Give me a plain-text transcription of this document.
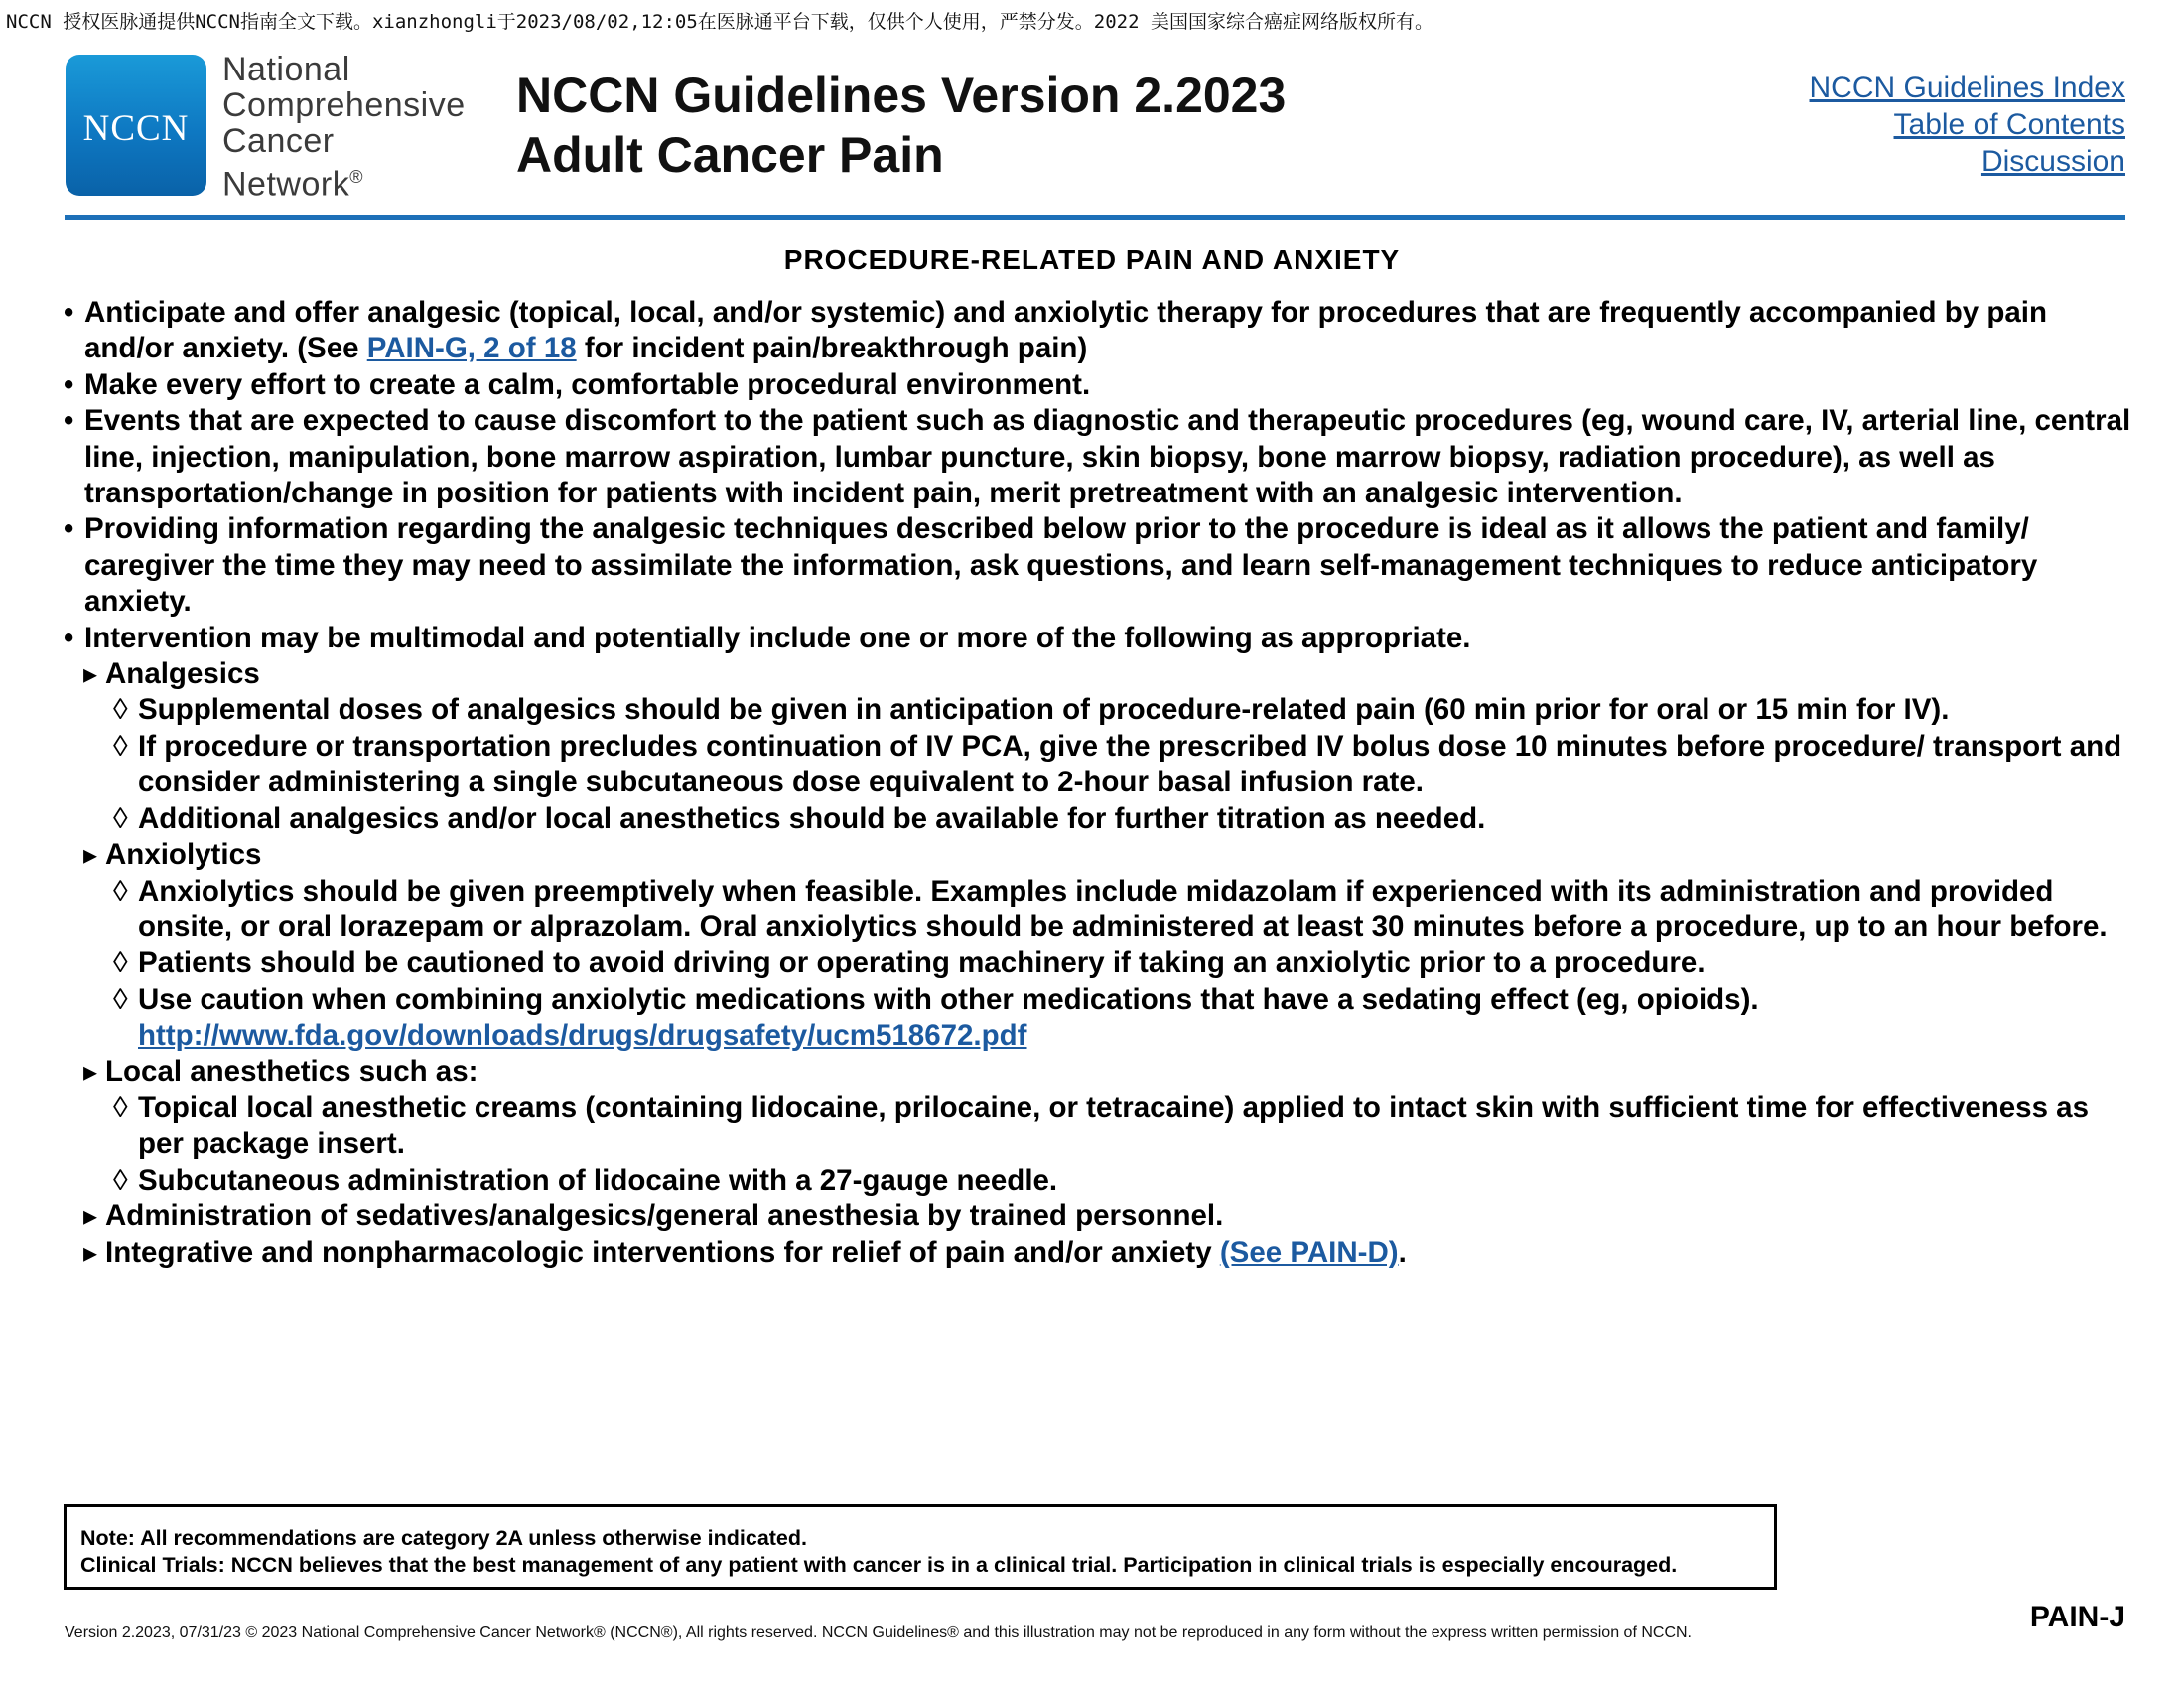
NCCN 授权医脉通提供NCCN指南全文下载。xianzhongli于2023/08/02,12:05在医脉通平台下载，仅供个人使用，严禁分发。2022 美国国家综合癌症网络版权所有。
NCCN
National
Comprehensive
Cancer
Network®
NCCN Guidelines Version 2.2023
Adult Cancer Pain
NCCN Guidelines Index
Table of Contents
Discussion
PROCEDURE-RELATED PAIN AND ANXIETY
• Anticipate and offer analgesic (topical, local, and/or systemic) and anxiolytic therapy for procedures that are frequently accompanied by pain and/or anxiety. (See PAIN-G, 2 of 18 for incident pain/breakthrough pain)
• Make every effort to create a calm, comfortable procedural environment.
• Events that are expected to cause discomfort to the patient such as diagnostic and therapeutic procedures (eg, wound care, IV, arterial line, central line, injection, manipulation, bone marrow aspiration, lumbar puncture, skin biopsy, bone marrow biopsy, radiation procedure), as well as transportation/change in position for patients with incident pain, merit pretreatment with an analgesic intervention.
• Providing information regarding the analgesic techniques described below prior to the procedure is ideal as it allows the patient and family/ caregiver the time they may need to assimilate the information, ask questions, and learn self-management techniques to reduce anticipatory anxiety.
• Intervention may be multimodal and potentially include one or more of the following as appropriate.
▸ Analgesics
◊ Supplemental doses of analgesics should be given in anticipation of procedure-related pain (60 min prior for oral or 15 min for IV).
◊ If procedure or transportation precludes continuation of IV PCA, give the prescribed IV bolus dose 10 minutes before procedure/ transport and consider administering a single subcutaneous dose equivalent to 2-hour basal infusion rate.
◊ Additional analgesics and/or local anesthetics should be available for further titration as needed.
▸ Anxiolytics
◊ Anxiolytics should be given preemptively when feasible. Examples include midazolam if experienced with its administration and provided onsite, or oral lorazepam or alprazolam. Oral anxiolytics should be administered at least 30 minutes before a procedure, up to an hour before.
◊ Patients should be cautioned to avoid driving or operating machinery if taking an anxiolytic prior to a procedure.
◊ Use caution when combining anxiolytic medications with other medications that have a sedating effect (eg, opioids).
http://www.fda.gov/downloads/drugs/drugsafety/ucm518672.pdf
▸ Local anesthetics such as:
◊ Topical local anesthetic creams (containing lidocaine, prilocaine, or tetracaine) applied to intact skin with sufficient time for effectiveness as per package insert.
◊ Subcutaneous administration of lidocaine with a 27-gauge needle.
▸ Administration of sedatives/analgesics/general anesthesia by trained personnel.
▸ Integrative and nonpharmacologic interventions for relief of pain and/or anxiety (See PAIN-D).
Note: All recommendations are category 2A unless otherwise indicated.
Clinical Trials: NCCN believes that the best management of any patient with cancer is in a clinical trial. Participation in clinical trials is especially encouraged.
Version 2.2023, 07/31/23 © 2023 National Comprehensive Cancer Network® (NCCN®), All rights reserved. NCCN Guidelines® and this illustration may not be reproduced in any form without the express written permission of NCCN.	PAIN-J
